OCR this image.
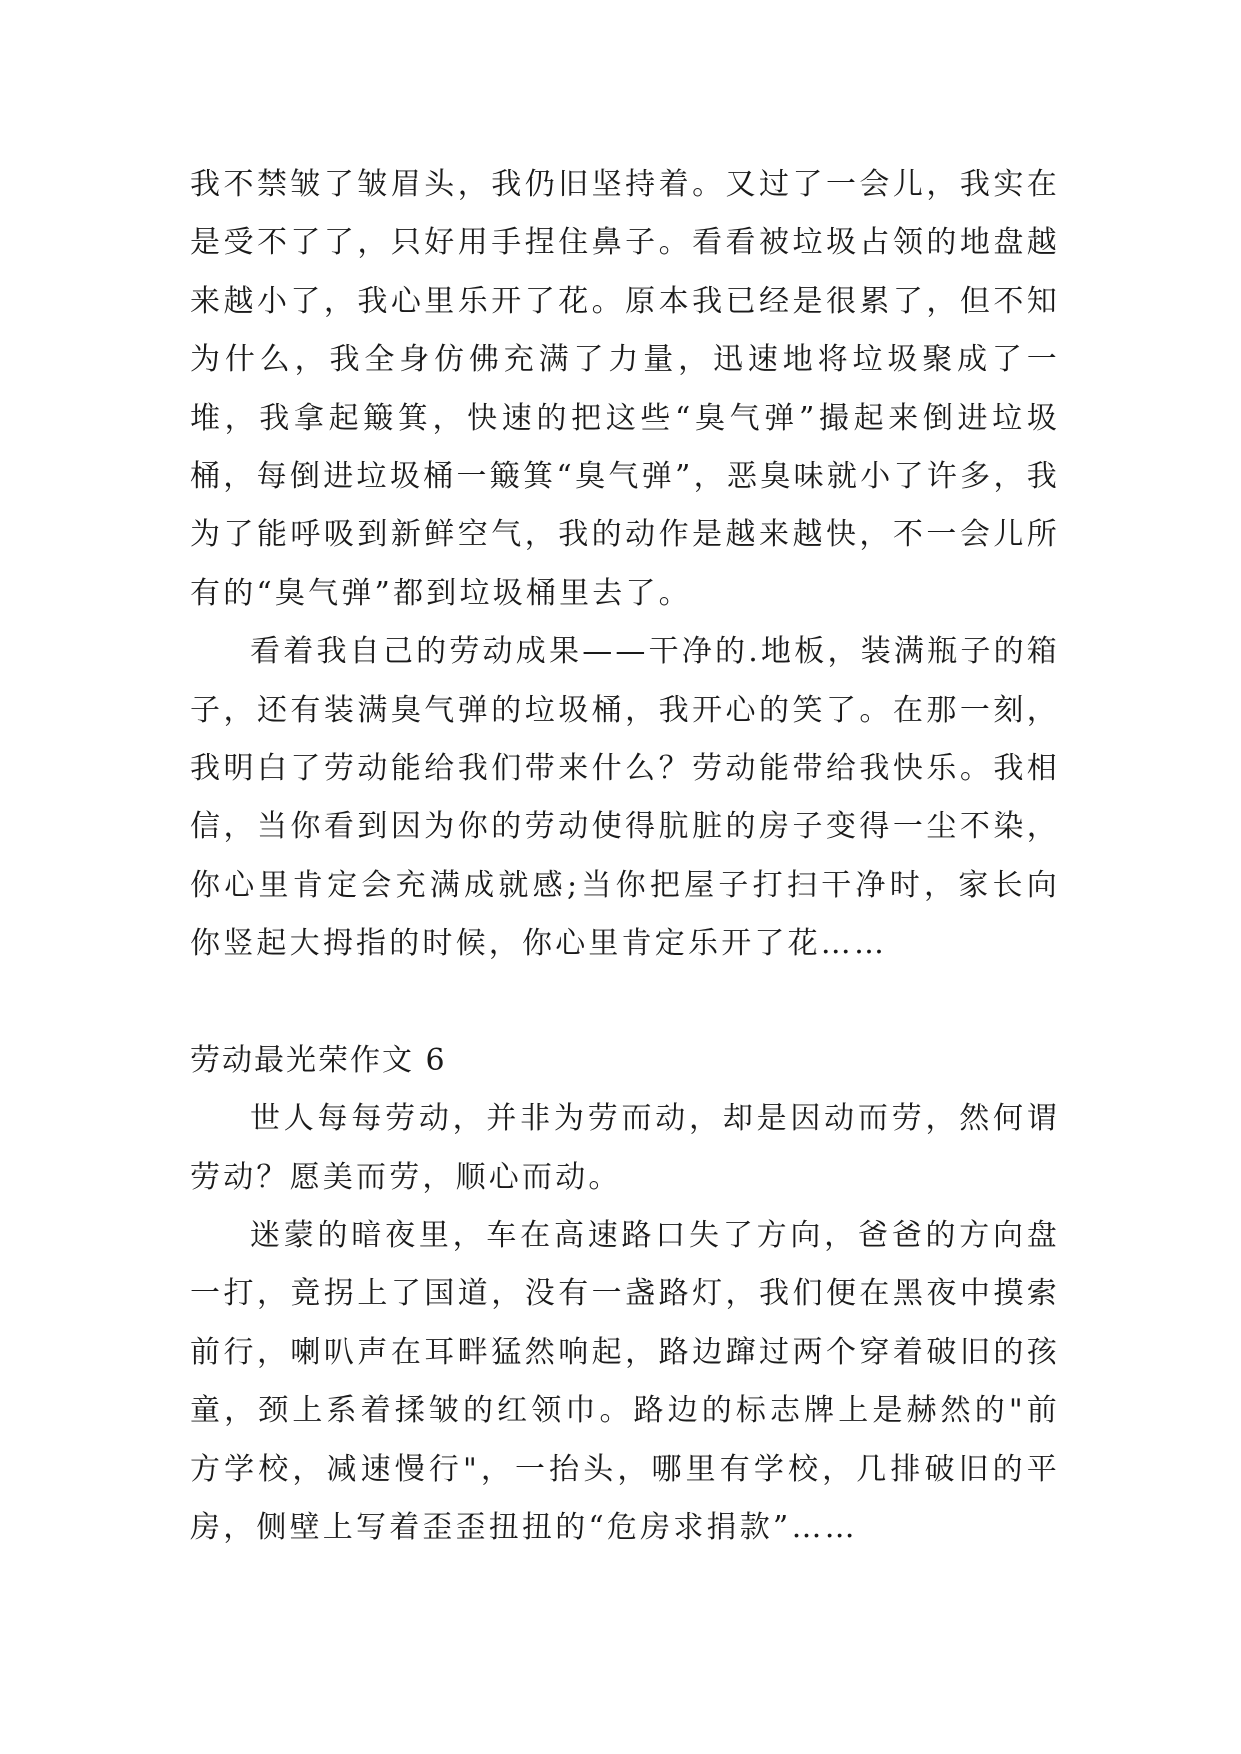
我不禁皱了皱眉头，我仍旧坚持着。又过了一会儿，我实在是受不了了，只好用手捏住鼻子。看看被垃圾占领的地盘越来越小了，我心里乐开了花。原本我已经是很累了，但不知为什么，我全身仿佛充满了力量，迅速地将垃圾聚成了一堆，我拿起簸箕，快速的把这些“臭气弹”撮起来倒进垃圾桶，每倒进垃圾桶一簸箕“臭气弹”，恶臭味就小了许多，我为了能呼吸到新鲜空气，我的动作是越来越快，不一会儿所有的“臭气弹”都到垃圾桶里去了。

看着我自己的劳动成果——干净的.地板，装满瓶子的箱子，还有装满臭气弹的垃圾桶，我开心的笑了。在那一刻，我明白了劳动能给我们带来什么？劳动能带给我快乐。我相信，当你看到因为你的劳动使得肮脏的房子变得一尘不染，你心里肯定会充满成就感;当你把屋子打扫干净时，家长向你竖起大拇指的时候，你心里肯定乐开了花……

劳动最光荣作文 6

世人每每劳动，并非为劳而动，却是因动而劳，然何谓劳动？愿美而劳，顺心而动。

迷蒙的暗夜里，车在高速路口失了方向，爸爸的方向盘一打，竟拐上了国道，没有一盏路灯，我们便在黑夜中摸索前行，喇叭声在耳畔猛然响起，路边蹿过两个穿着破旧的孩童，颈上系着揉皱的红领巾。路边的标志牌上是赫然的"前方学校，减速慢行"，一抬头，哪里有学校，几排破旧的平房，侧壁上写着歪歪扭扭的“危房求捐款”……
